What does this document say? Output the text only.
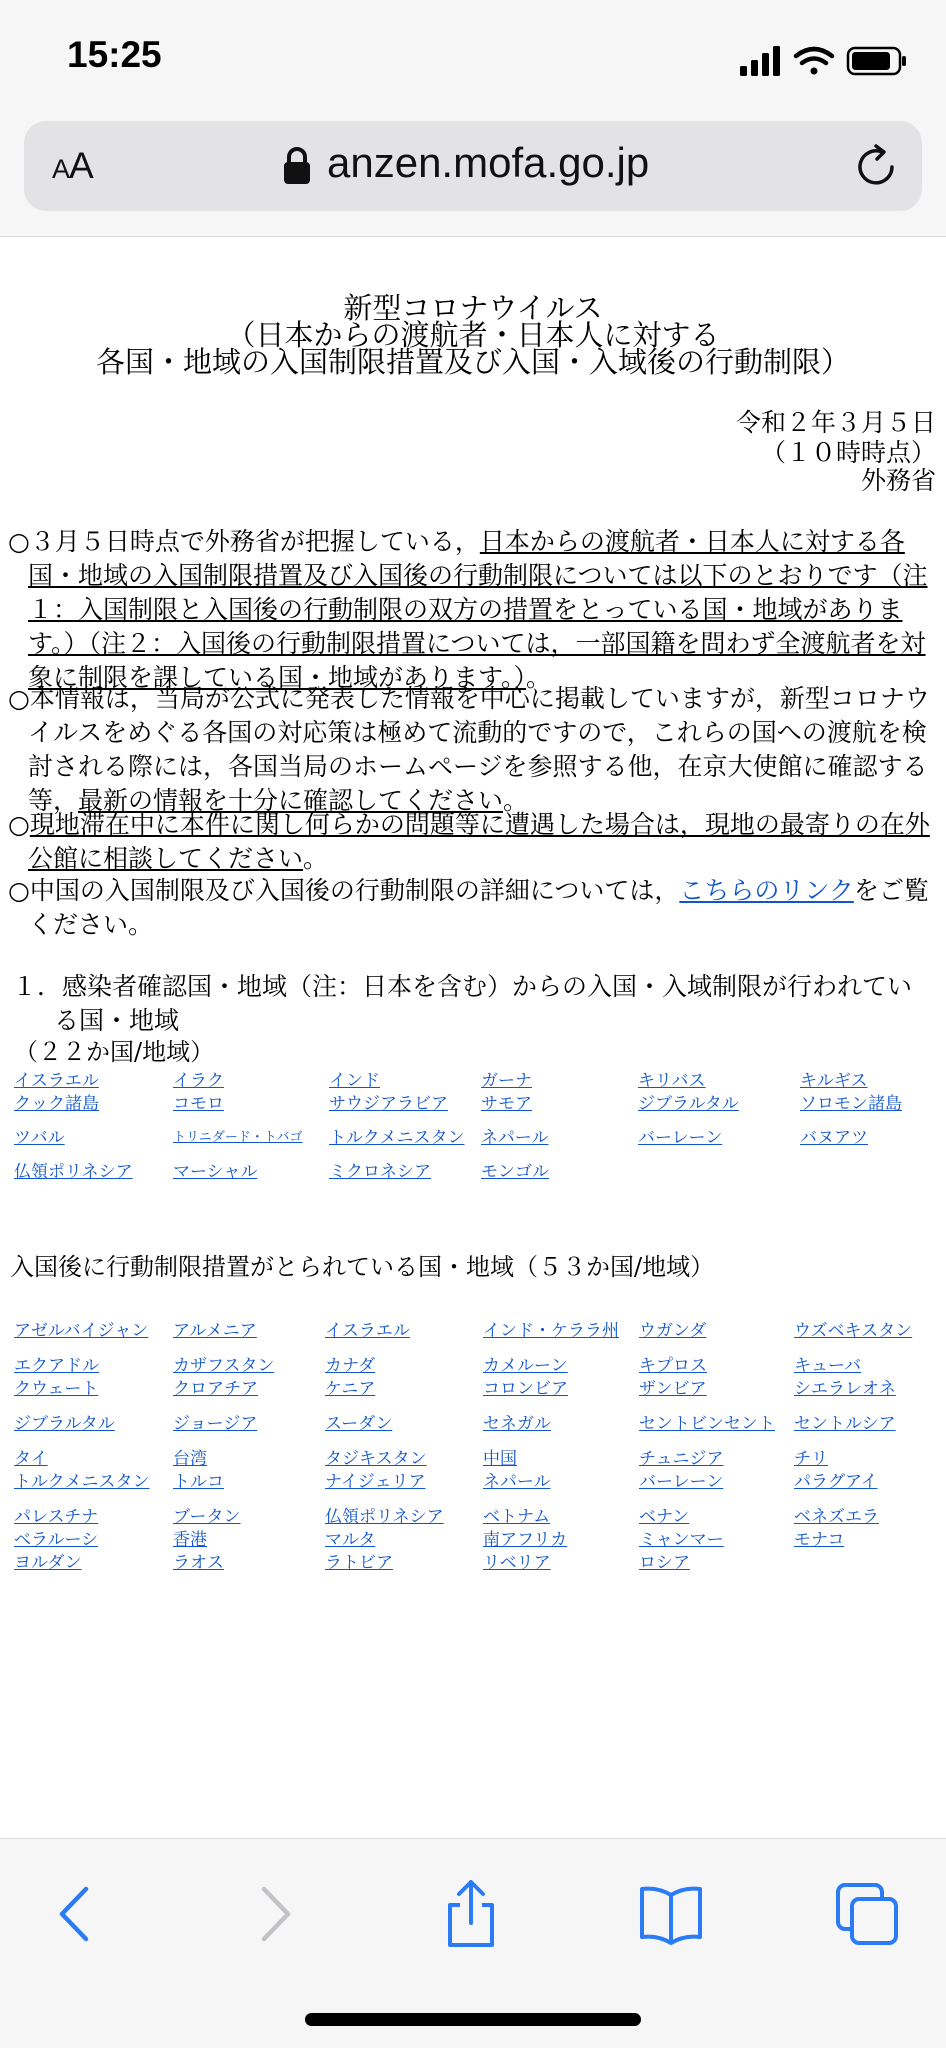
15:25
AA	anzen.mofa.go.jp
新型コロナウイルス
（日本からの渡航者・日本人に対する
各国・地域の入国制限措置及び入国・入域後の行動制限）
令和２年３月５日
（１０時時点）
外務省
○３月５日時点で外務省が把握している，日本からの渡航者・日本人に対する各国・地域の入国制限措置及び入国後の行動制限については以下のとおりです（注１：入国制限と入国後の行動制限の双方の措置をとっている国・地域があります。）（注２：入国後の行動制限措置については，一部国籍を問わず全渡航者を対象に制限を課している国・地域があります。）。
○本情報は，当局が公式に発表した情報を中心に掲載していますが，新型コロナウイルスをめぐる各国の対応策は極めて流動的ですので，これらの国への渡航を検討される際には，各国当局のホームページを参照する他，在京大使館に確認する等，最新の情報を十分に確認してください。
○現地滞在中に本件に関し何らかの問題等に遭遇した場合は，現地の最寄りの在外公館に相談してください。
○中国の入国制限及び入国後の行動制限の詳細については，こちらのリンクをご覧ください。
１．感染者確認国・地域（注：日本を含む）からの入国・入域制限が行われている国・地域
（２２か国/地域）
イスラエル	イラク	インド	ガーナ	キリバス	キルギス
クック諸島	コモロ	サウジアラビア	サモア	ジブラルタル	ソロモン諸島
ツバル	トリニダード・トバゴ	トルクメニスタン ネパール	バーレーン	バヌアツ
仏領ポリネシア	マーシャル	ミクロネシア	モンゴル
入国後に行動制限措置がとられている国・地域（５３か国/地域）
アゼルバイジャン	アルメニア	イスラエル	インド・ケララ州	ウガンダ	ウズベキスタン
エクアドル	カザフスタン	カナダ	カメルーン	キプロス	キューバ
クウェート	クロアチア	ケニア	コロンビア	ザンビア	シエラレオネ
ジブラルタル	ジョージア	スーダン	セネガル	セントビンセント	セントルシア
タイ	台湾	タジキスタン	中国	チュニジア	チリ
トルクメニスタン	トルコ	ナイジェリア	ネパール	バーレーン	パラグアイ
パレスチナ	ブータン	仏領ポリネシア	ベトナム	ベナン	ベネズエラ
ベラルーシ	香港	マルタ	南アフリカ	ミャンマー	モナコ
ヨルダン	ラオス	ラトビア	リベリア	ロシア
